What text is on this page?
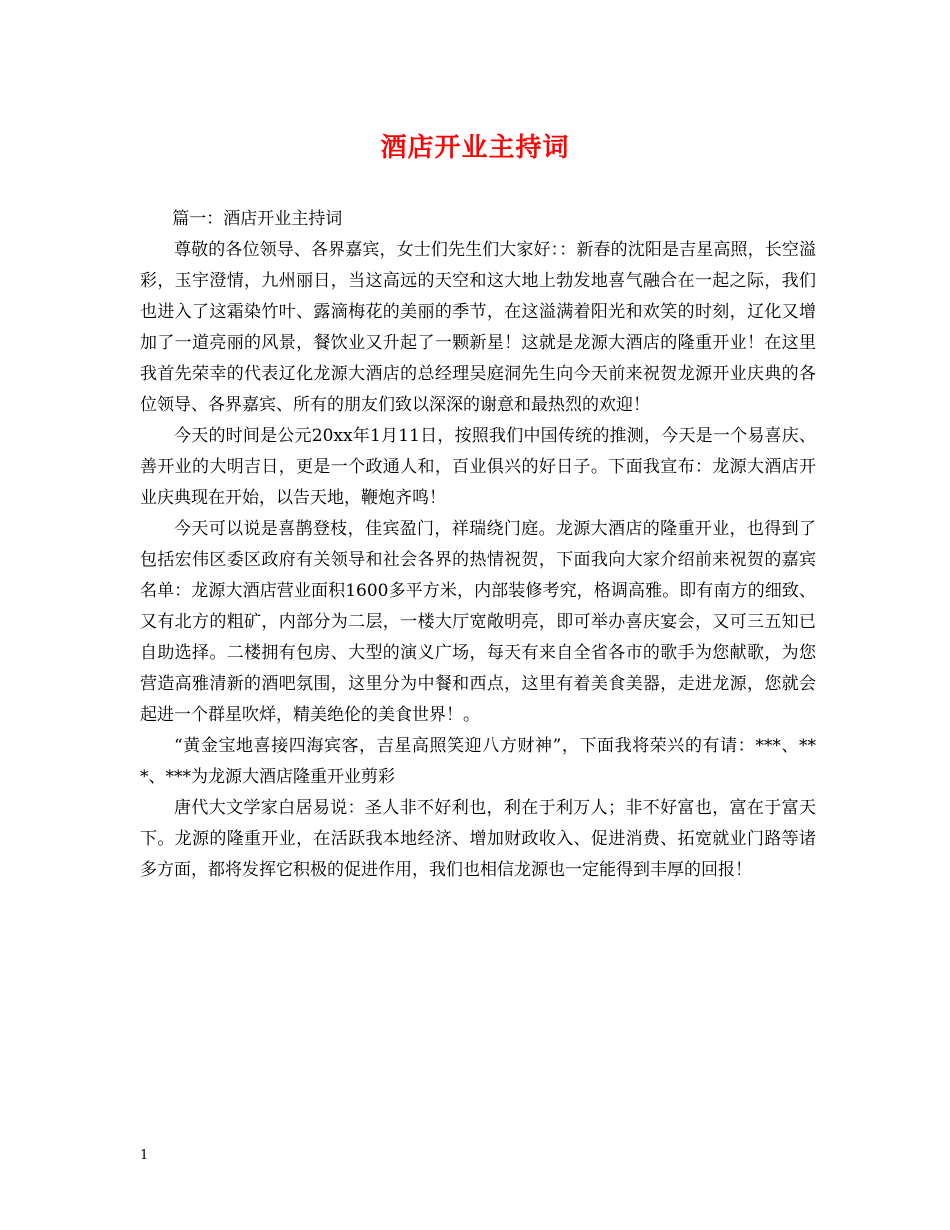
酒店开业主持词

篇一：酒店开业主持词

尊敬的各位领导、各界嘉宾，女士们先生们大家好：：新春的沈阳是吉星高照，长空溢彩，玉宇澄情，九州丽日，当这高远的天空和这大地上勃发地喜气融合在一起之际，我们也进入了这霜染竹叶、露滴梅花的美丽的季节，在这溢满着阳光和欢笑的时刻，辽化又增加了一道亮丽的风景，餐饮业又升起了一颗新星！这就是龙源大酒店的隆重开业！在这里我首先荣幸的代表辽化龙源大酒店的总经理吴庭洞先生向今天前来祝贺龙源开业庆典的各位领导、各界嘉宾、所有的朋友们致以深深的谢意和最热烈的欢迎！

今天的时间是公元20xx年1月11日，按照我们中国传统的推测，今天是一个易喜庆、善开业的大明吉日，更是一个政通人和，百业俱兴的好日子。下面我宣布：龙源大酒店开业庆典现在开始，以告天地，鞭炮齐鸣！

今天可以说是喜鹊登枝，佳宾盈门，祥瑞绕门庭。龙源大酒店的隆重开业，也得到了包括宏伟区委区政府有关领导和社会各界的热情祝贺，下面我向大家介绍前来祝贺的嘉宾名单：龙源大酒店营业面积1600多平方米，内部装修考究，格调高雅。即有南方的细致、又有北方的粗矿，内部分为二层，一楼大厅宽敞明亮，即可举办喜庆宴会，又可三五知已自助选择。二楼拥有包房、大型的演义广场，每天有来自全省各市的歌手为您献歌，为您营造高雅清新的酒吧氛围，这里分为中餐和西点，这里有着美食美器，走进龙源，您就会起进一个群星吹烊，精美绝伦的美食世界！。

“黄金宝地喜接四海宾客，吉星高照笑迎八方财神”，下面我将荣兴的有请：***、***、***为龙源大酒店隆重开业剪彩

唐代大文学家白居易说：圣人非不好利也，利在于利万人；非不好富也，富在于富天下。龙源的隆重开业，在活跃我本地经济、增加财政收入、促进消费、拓宽就业门路等诸多方面，都将发挥它积极的促进作用，我们也相信龙源也一定能得到丰厚的回报！

1
